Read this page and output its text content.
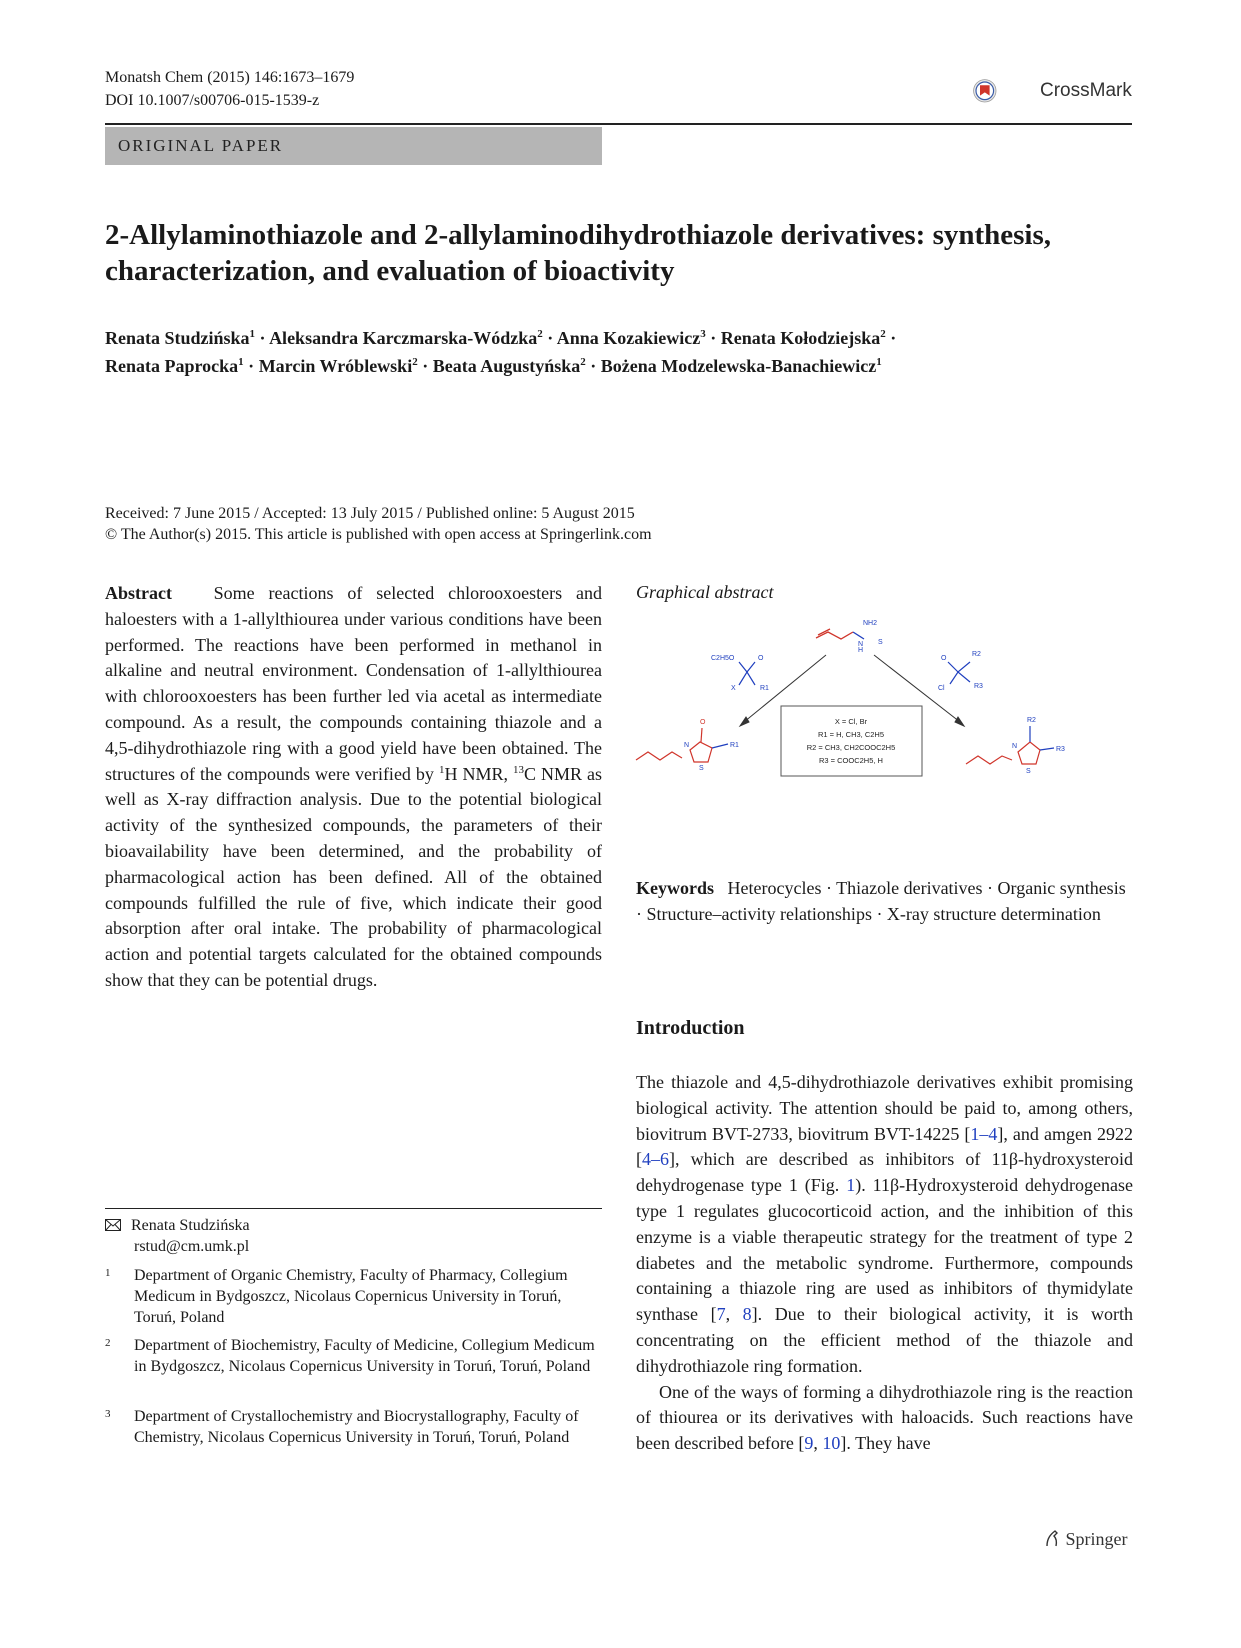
Monatsh Chem (2015) 146:1673–1679
DOI 10.1007/s00706-015-1539-z	CrossMark
ORIGINAL PAPER
2-Allylaminothiazole and 2-allylaminodihydrothiazole derivatives: synthesis, characterization, and evaluation of bioactivity
Renata Studzińska$^1$ · Aleksandra Karczmarska-Wódzka$^2$ · Anna Kozakiewicz$^3$ · Renata Kołodziejska$^2$ ·
Renata Paprocka$^1$ · Marcin Wróblewski$^2$ · Beata Augustyńska$^2$ · Bożena Modzelewska-Banachiewicz$^1$
Received: 7 June 2015 / Accepted: 13 July 2015 / Published online: 5 August 2015
© The Author(s) 2015. This article is published with open access at Springerlink.com
Abstract Some reactions of selected chlorooxoesters and haloesters with a 1-allylthiourea under various conditions have been performed. The reactions have been performed in methanol in alkaline and neutral environment. Condensation of 1-allylthiourea with chlorooxoesters has been further led via acetal as intermediate compound. As a result, the compounds containing thiazole and a 4,5-dihydrothiazole ring with a good yield have been obtained. The structures of the compounds were verified by $^1$H NMR, $^{13}$C NMR as well as X-ray diffraction analysis. Due to the potential biological activity of the synthesized compounds, the parameters of their bioavailability have been determined, and the probability of pharmacological action has been defined. All of the obtained compounds fulfilled the rule of five, which indicate their good absorption after oral intake. The probability of pharmacological action and potential targets calculated for the obtained compounds show that they can be potential drugs.
Graphical abstract
NH2
N
H
S
C2H5O	O
X	R1
O
R2
Cl	R3
X = Cl, Br
R1 = H, CH3, C2H5
R2 = CH3, CH2COOC2H5
R3 = COOC2H5, H
O
N
S
R1
R2
R3
N
S
Keywords Heterocycles · Thiazole derivatives · Organic synthesis · Structure–activity relationships · X-ray structure determination
Introduction

The thiazole and 4,5-dihydrothiazole derivatives exhibit promising biological activity. The attention should be paid to, among others, biovitrum BVT-2733, biovitrum BVT-14225 [1–4], and amgen 2922 [4–6], which are described as inhibitors of 11β-hydroxysteroid dehydrogenase type 1 (Fig. 1). 11β-Hydroxysteroid dehydrogenase type 1 regulates glucocorticoid action, and the inhibition of this enzyme is a viable therapeutic strategy for the treatment of type 2 diabetes and the metabolic syndrome. Furthermore, compounds containing a thiazole ring are used as inhibitors of thymidylate synthase [7, 8]. Due to their biological activity, it is worth concentrating on the efficient method of the thiazole and dihydrothiazole ring formation.

One of the ways of forming a dihydrothiazole ring is the reaction of thiourea or its derivatives with haloacids. Such reactions have been described before [9, 10]. They have

Renata Studzińska
rstud@cm.umk.pl
1 Department of Organic Chemistry, Faculty of Pharmacy, Collegium Medicum in Bydgoszcz, Nicolaus Copernicus University in Toruń, Toruń, Poland
2 Department of Biochemistry, Faculty of Medicine, Collegium Medicum in Bydgoszcz, Nicolaus Copernicus University in Toruń, Toruń, Poland
3 Department of Crystallochemistry and Biocrystallography, Faculty of Chemistry, Nicolaus Copernicus University in Toruń, Toruń, Poland
Springer
